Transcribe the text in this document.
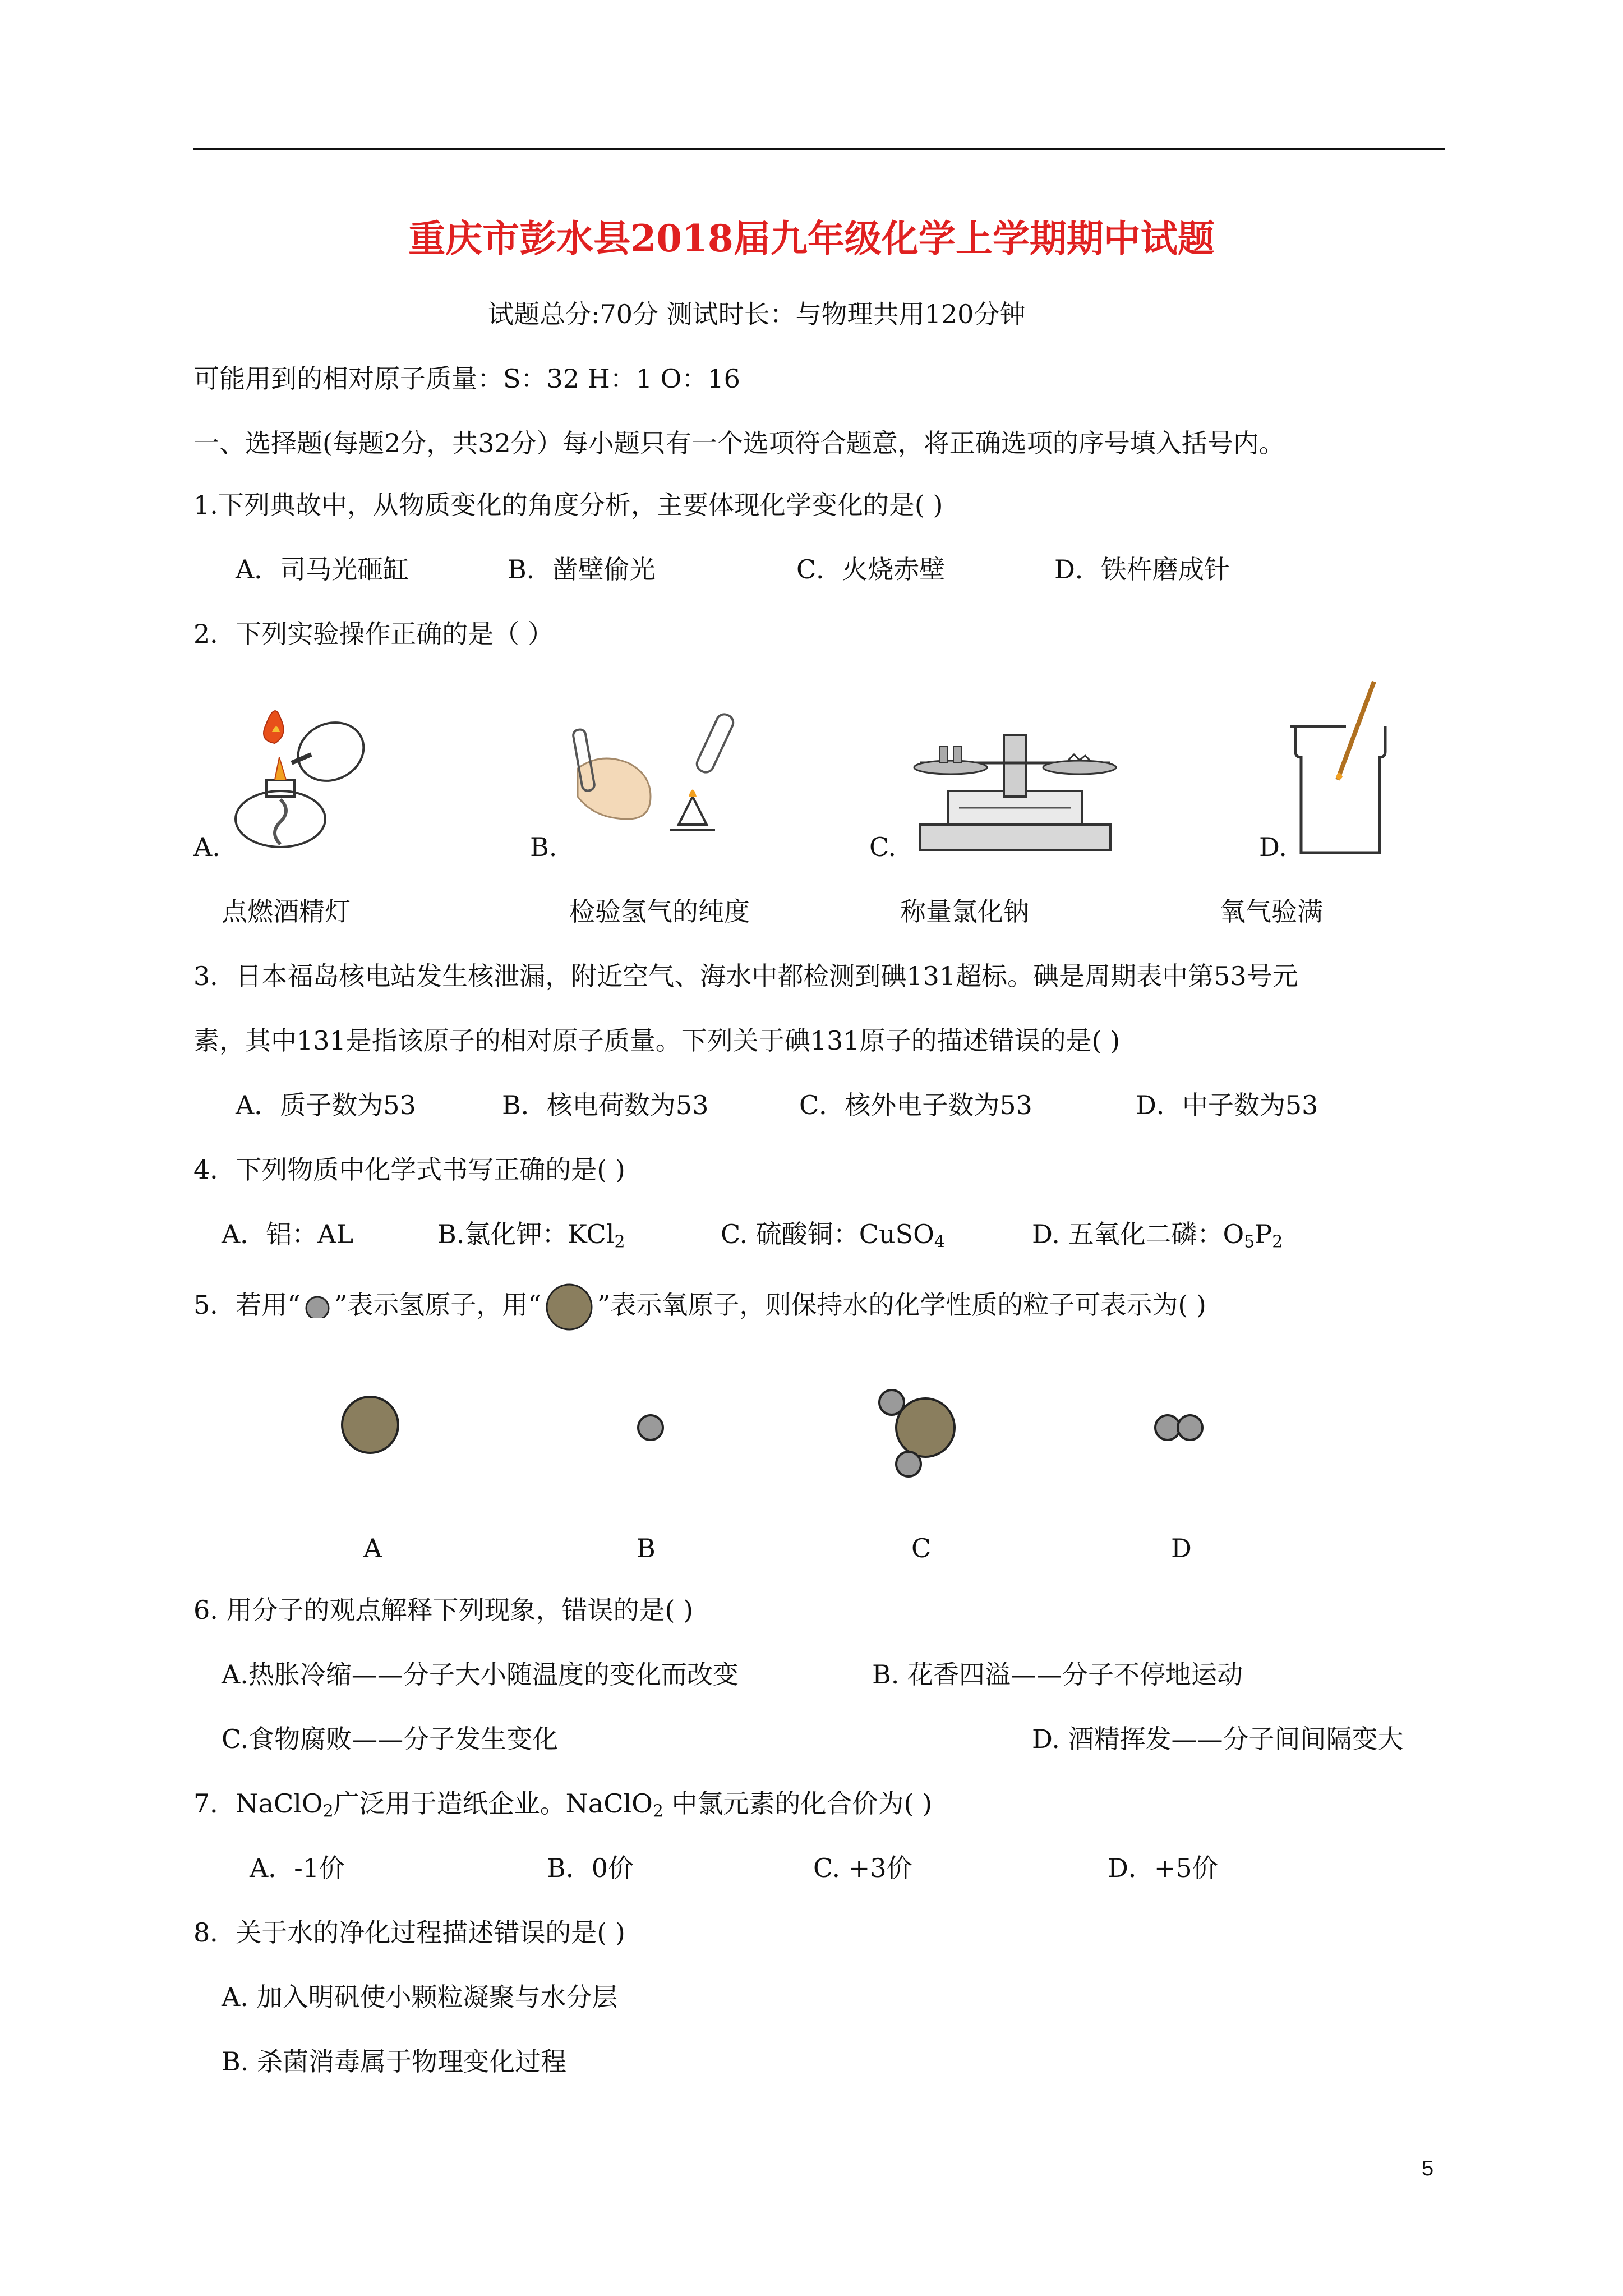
重庆市彭水县2018届九年级化学上学期期中试题
试题总分:70分 测试时长：与物理共用120分钟
可能用到的相对原子质量：S：32 H：1 O：16
一、选择题(每题2分，共32分）每小题只有一个选项符合题意，将正确选项的序号填入括号内。
1.下列典故中，从物质变化的角度分析，主要体现化学变化的是( )
A．司马光砸缸	B．凿壁偷光	C．火烧赤壁	D．铁杵磨成针
2．下列实验操作正确的是（ ）
A.	B.	C.	D.
点燃酒精灯	检验氢气的纯度	称量氯化钠	氧气验满
3．日本福岛核电站发生核泄漏，附近空气、海水中都检测到碘131超标。碘是周期表中第53号元
素，其中131是指该原子的相对原子质量。下列关于碘131原子的描述错误的是( )
A．质子数为53	B．核电荷数为53	C．核外电子数为53	D．中子数为53
4．下列物质中化学式书写正确的是( )
A．铝：AL	B.氯化钾：KCl$_2$	C. 硫酸铜：CuSO$_4$	D. 五氧化二磷：$O_5P_2$
5．若用“ ”表示氢原子，用“ ”表示氧原子，则保持水的化学性质的粒子可表示为( )
A	B	C	D
6. 用分子的观点解释下列现象，错误的是( )
A.热胀冷缩——分子大小随温度的变化而改变	B. 花香四溢——分子不停地运动
C.食物腐败——分子发生变化	D. 酒精挥发——分子间间隔变大
7．NaClO$_2$广泛用于造纸企业。NaClO$_2$ 中氯元素的化合价为( )
A．-1价	B．0价	C. +3价	D．+5价
8．关于水的净化过程描述错误的是( )
A. 加入明矾使小颗粒凝聚与水分层
B. 杀菌消毒属于物理变化过程
5
